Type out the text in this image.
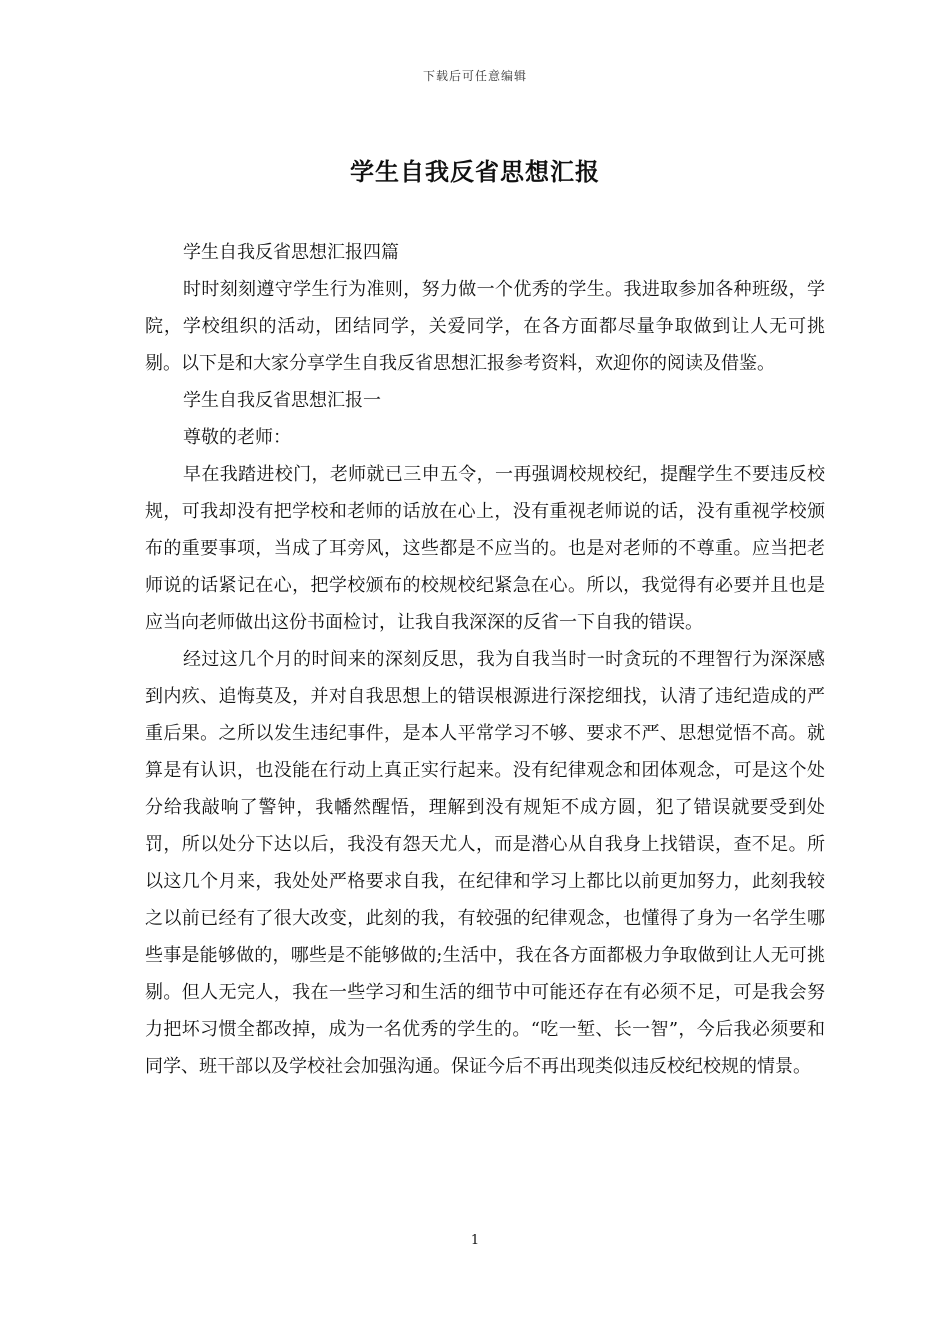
下载后可任意编辑
学生自我反省思想汇报

学生自我反省思想汇报四篇

时时刻刻遵守学生行为准则，努力做一个优秀的学生。我进取参加各种班级，学院，学校组织的活动，团结同学，关爱同学，在各方面都尽量争取做到让人无可挑剔。以下是和大家分享学生自我反省思想汇报参考资料，欢迎你的阅读及借鉴。

学生自我反省思想汇报一

尊敬的老师：

早在我踏进校门，老师就已三申五令，一再强调校规校纪，提醒学生不要违反校规，可我却没有把学校和老师的话放在心上，没有重视老师说的话，没有重视学校颁布的重要事项，当成了耳旁风，这些都是不应当的。也是对老师的不尊重。应当把老师说的话紧记在心，把学校颁布的校规校纪紧急在心。所以，我觉得有必要并且也是应当向老师做出这份书面检讨，让我自我深深的反省一下自我的错误。

经过这几个月的时间来的深刻反思，我为自我当时一时贪玩的不理智行为深深感到内疚、追悔莫及，并对自我思想上的错误根源进行深挖细找，认清了违纪造成的严重后果。之所以发生违纪事件，是本人平常学习不够、要求不严、思想觉悟不高。就算是有认识，也没能在行动上真正实行起来。没有纪律观念和团体观念，可是这个处分给我敲响了警钟，我幡然醒悟，理解到没有规矩不成方圆，犯了错误就要受到处罚，所以处分下达以后，我没有怨天尤人，而是潜心从自我身上找错误，查不足。所以这几个月来，我处处严格要求自我，在纪律和学习上都比以前更加努力，此刻我较之以前已经有了很大改变，此刻的我，有较强的纪律观念，也懂得了身为一名学生哪些事是能够做的，哪些是不能够做的;生活中，我在各方面都极力争取做到让人无可挑剔。但人无完人，我在一些学习和生活的细节中可能还存在有必须不足，可是我会努力把坏习惯全都改掉，成为一名优秀的学生的。“吃一堑、长一智”，今后我必须要和同学、班干部以及学校社会加强沟通。保证今后不再出现类似违反校纪校规的情景。

1
